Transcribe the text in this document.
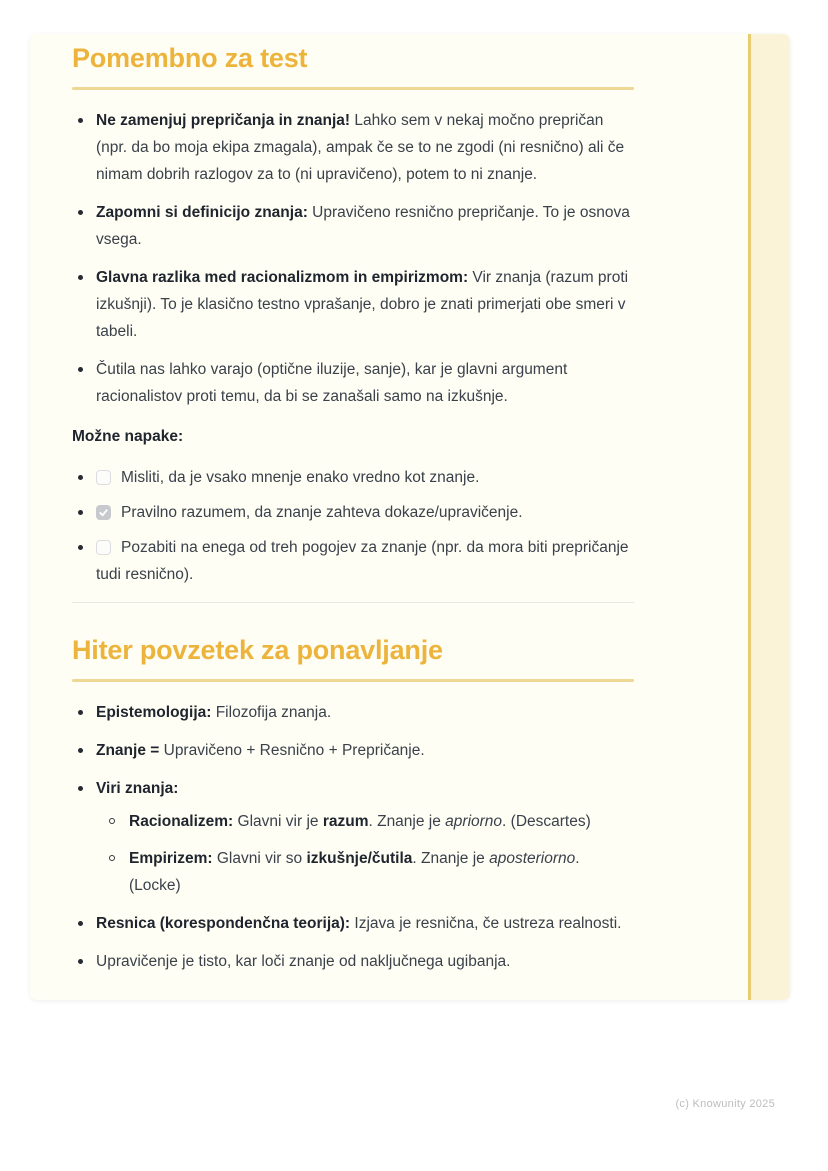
Pomembno za test
Ne zamenjuj prepričanja in znanja! Lahko sem v nekaj močno prepričan (npr. da bo moja ekipa zmagala), ampak če se to ne zgodi (ni resnično) ali če nimam dobrih razlogov za to (ni upravičeno), potem to ni znanje.
Zapomni si definicijo znanja: Upravičeno resnično prepričanje. To je osnova vsega.
Glavna razlika med racionalizmom in empirizmom: Vir znanja (razum proti izkušnji). To je klasično testno vprašanje, dobro je znati primerjati obe smeri v tabeli.
Čutila nas lahko varajo (optične iluzije, sanje), kar je glavni argument racionalistov proti temu, da bi se zanašali samo na izkušnje.

Možne napake:

Misliti, da je vsako mnenje enako vredno kot znanje.
Pravilno razumem, da znanje zahteva dokaze/upravičenje.
Pozabiti na enega od treh pogojev za znanje (npr. da mora biti prepričanje tudi resnično).
Hiter povzetek za ponavljanje
Epistemologija: Filozofija znanja.
Znanje = Upravičeno + Resnično + Prepričanje.
Viri znanja:
Racionalizem: Glavni vir je razum. Znanje je apriorno. (Descartes)
Empirizem: Glavni vir so izkušnje/čutila. Znanje je aposteriorno. (Locke)
Resnica (korespondenčna teorija): Izjava je resnična, če ustreza realnosti.
Upravičenje je tisto, kar loči znanje od naključnega ugibanja.
(c) Knowunity 2025
